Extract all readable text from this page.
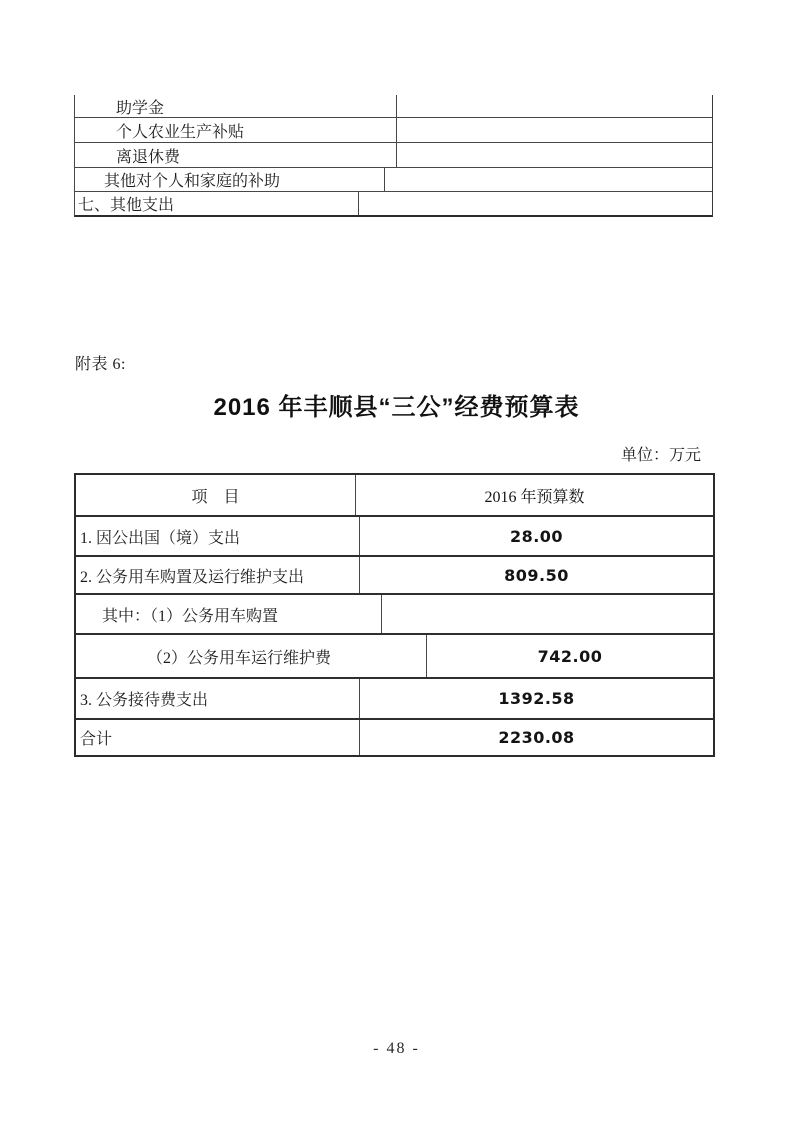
助学金
个人农业生产补贴
离退休费
其他对个人和家庭的补助
七、其他支出
附表 6:
2016 年丰顺县“三公”经费预算表
单位：万元
项　目	2016 年预算数
1. 因公出国（境）支出	28.00
2. 公务用车购置及运行维护支出	809.50
其中：（1）公务用车购置
（2）公务用车运行维护费	742.00
3. 公务接待费支出	1392.58
合计	2230.08
- 48 -
